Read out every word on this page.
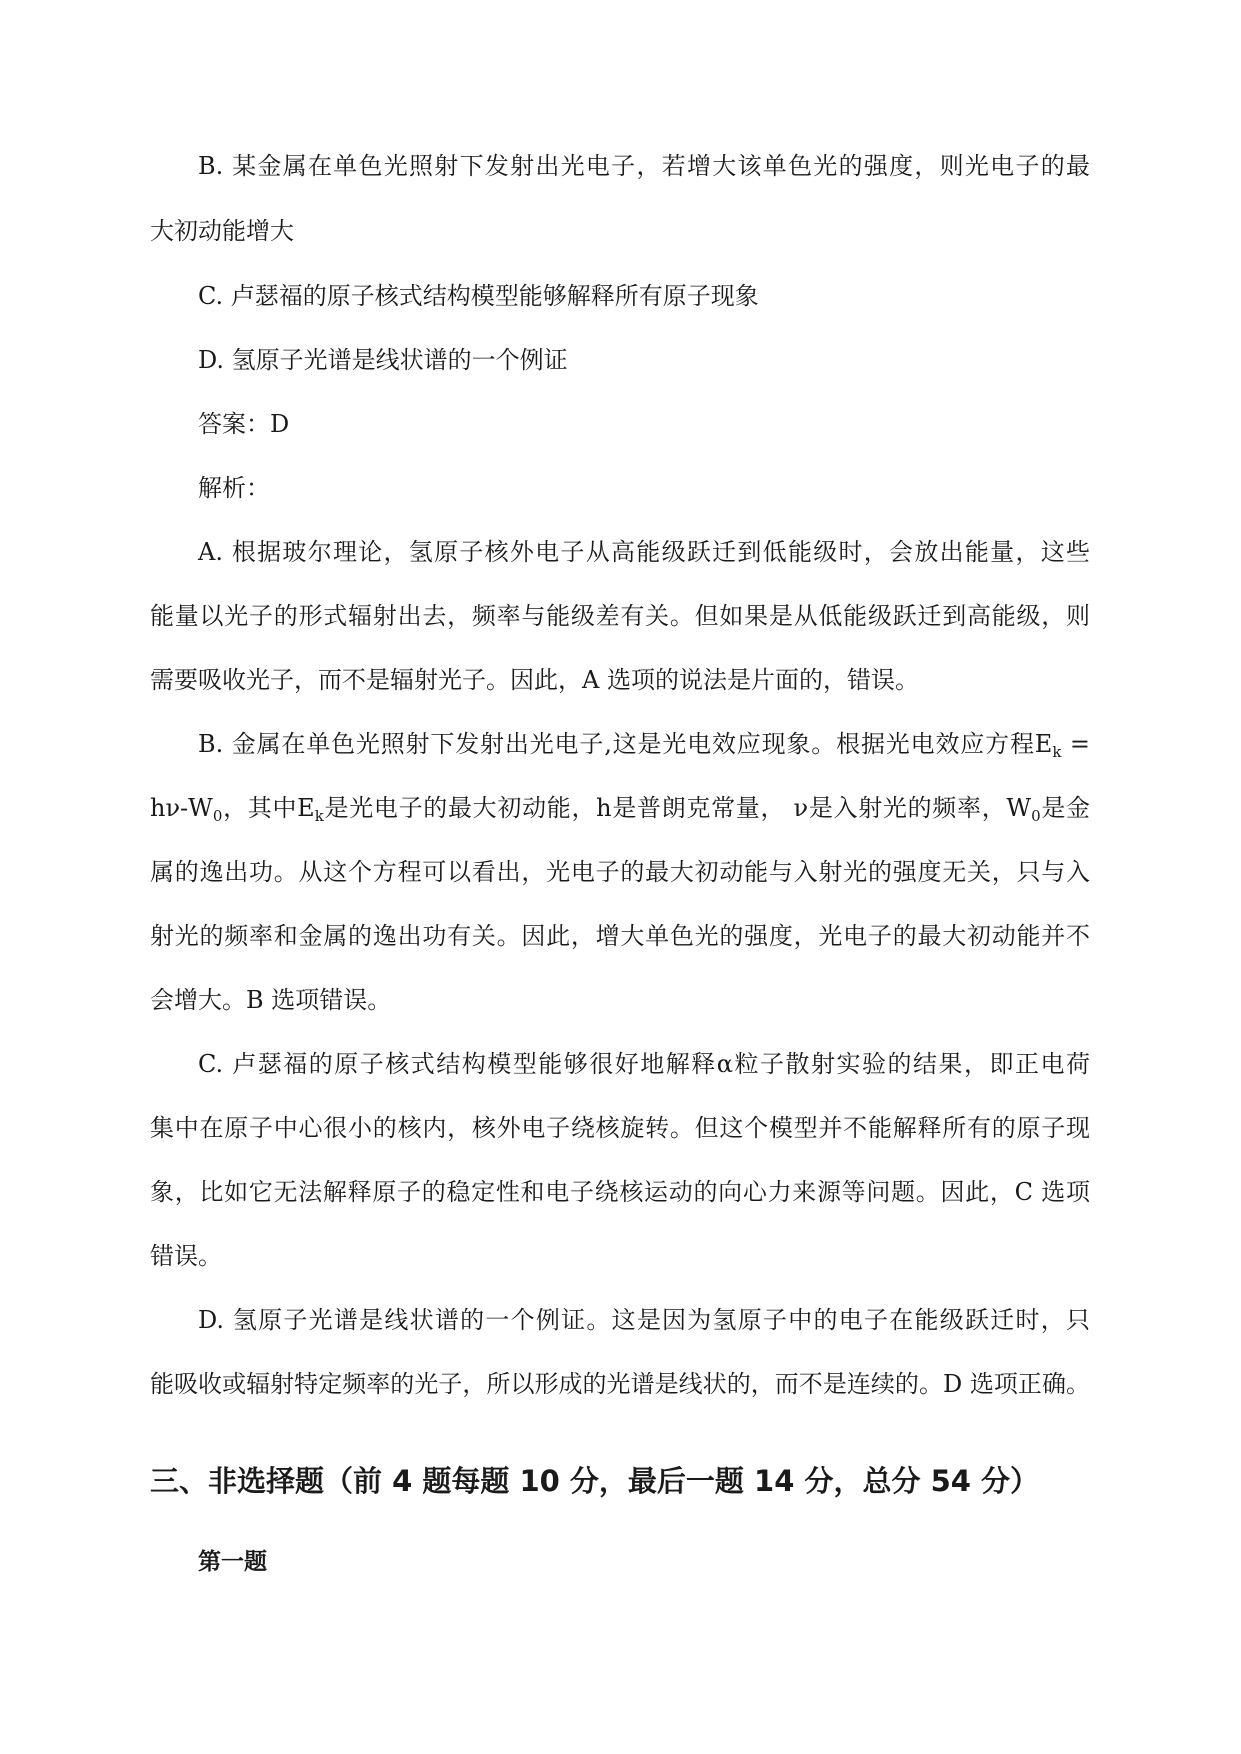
B. 某金属在单色光照射下发射出光电子，若增大该单色光的强度，则光电子的最
大初动能增大
C. 卢瑟福的原子核式结构模型能够解释所有原子现象
D. 氢原子光谱是线状谱的一个例证
答案：D
解析：
A. 根据玻尔理论，氢原子核外电子从高能级跃迁到低能级时，会放出能量，这些
能量以光子的形式辐射出去，频率与能级差有关。但如果是从低能级跃迁到高能级，则
需要吸收光子，而不是辐射光子。因此，A 选项的说法是片面的，错误。
B. 金属在单色光照射下发射出光电子,这是光电效应现象。根据光电效应方程$E_k$ =
$h\nu-W_0$，其中$E_k$是光电子的最大初动能，h是普朗克常量， ν是入射光的频率，$W_0$是金
属的逸出功。从这个方程可以看出，光电子的最大初动能与入射光的强度无关，只与入
射光的频率和金属的逸出功有关。因此，增大单色光的强度，光电子的最大初动能并不
会增大。B 选项错误。
C. 卢瑟福的原子核式结构模型能够很好地解释α粒子散射实验的结果，即正电荷
集中在原子中心很小的核内，核外电子绕核旋转。但这个模型并不能解释所有的原子现
象，比如它无法解释原子的稳定性和电子绕核运动的向心力来源等问题。因此，C 选项
错误。
D. 氢原子光谱是线状谱的一个例证。这是因为氢原子中的电子在能级跃迁时，只
能吸收或辐射特定频率的光子，所以形成的光谱是线状的，而不是连续的。D 选项正确。
三、非选择题（前 4 题每题 10 分，最后一题 14 分，总分 54 分）
第一题
